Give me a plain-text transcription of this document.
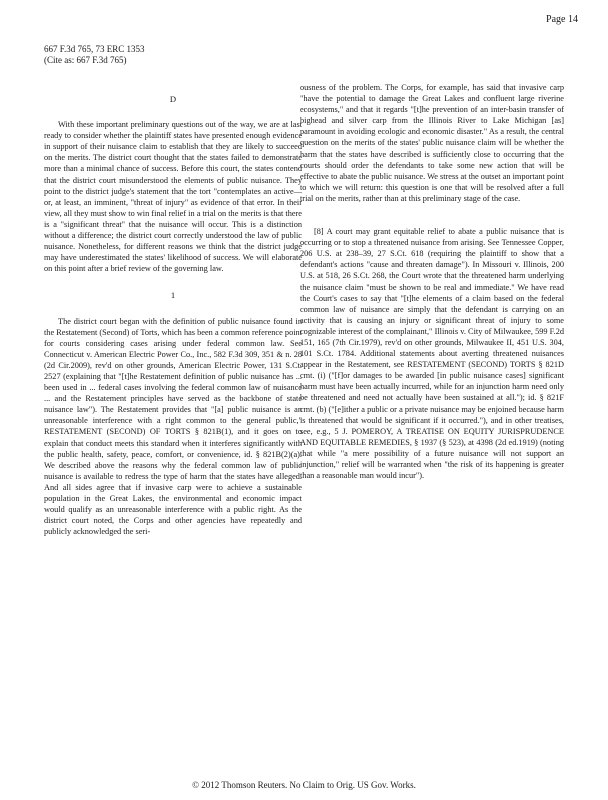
Page 14
667 F.3d 765, 73 ERC 1353
(Cite as: 667 F.3d 765)

D

With these important preliminary questions out of the way, we are at last ready to consider whether the plaintiff states have presented enough evidence in support of their nuisance claim to establish that they are likely to succeed on the merits. The district court thought that the states failed to demonstrate more than a minimal chance of success. Before this court, the states contend that the district court misunderstood the elements of public nuisance. They point to the district judge's statement that the tort "contemplates an active—or, at least, an imminent, "threat of injury" as evidence of that error. In their view, all they must show to win final relief in a trial on the merits is that there is a "significant threat" that the nuisance will occur. This is a distinction without a difference; the district court correctly understood the law of public nuisance. Nonetheless, for different reasons we think that the district judge may have underestimated the states' likelihood of success. We will elaborate on this point after a brief review of the governing law.

1

The district court began with the definition of public nuisance found in the Restatement (Second) of Torts, which has been a common reference point for courts considering cases arising under federal common law. See Connecticut v. American Electric Power Co., Inc., 582 F.3d 309, 351 & n. 28 (2d Cir.2009), rev'd on other grounds, American Electric Power, 131 S.Ct. 2527 (explaining that "[t]he Restatement definition of public nuisance has ... been used in ... federal cases involving the federal common law of nuisance ... and the Restatement principles have served as the backbone of state nuisance law"). The Restatement provides that "[a] public nuisance is an unreasonable interference with a right common to the general public," RESTATEMENT (SECOND) OF TORTS § 821B(1), and it goes on to explain that conduct meets this standard when it interferes significantly with the public health, safety, peace, comfort, or convenience, id. § 821B(2)(a). We described above the reasons why the federal common law of public nuisance is available to redress the type of harm that the states have alleged. And all sides agree that if invasive carp were to achieve a sustainable population in the Great Lakes, the environmental and economic impact would qualify as an unreasonable interference with a public right. As the district court noted, the Corps and other agencies have repeatedly and publicly acknowledged the seri-

ousness of the problem. The Corps, for example, has said that invasive carp "have the potential to damage the Great Lakes and confluent large riverine ecosystems," and that it regards "[t]he prevention of an inter-basin transfer of bighead and silver carp from the Illinois River to Lake Michigan [as] paramount in avoiding ecologic and economic disaster." As a result, the central question on the merits of the states' public nuisance claim will be whether the harm that the states have described is sufficiently close to occurring that the courts should order the defendants to take some new action that will be effective to abate the public nuisance. We stress at the outset an important point to which we will return: this question is one that will be resolved after a full trial on the merits, rather than at this preliminary stage of the case.

[8] A court may grant equitable relief to abate a public nuisance that is occurring or to stop a threatened nuisance from arising. See Tennessee Copper, 206 U.S. at 238–39, 27 S.Ct. 618 (requiring the plaintiff to show that a defendant's actions "cause and threaten damage"). In Missouri v. Illinois, 200 U.S. at 518, 26 S.Ct. 268, the Court wrote that the threatened harm underlying the nuisance claim "must be shown to be real and immediate." We have read the Court's cases to say that "[t]he elements of a claim based on the federal common law of nuisance are simply that the defendant is carrying on an activity that is causing an injury or significant threat of injury to some cognizable interest of the complainant," Illinois v. City of Milwaukee, 599 F.2d 151, 165 (7th Cir.1979), rev'd on other grounds, Milwaukee II, 451 U.S. 304, 101 S.Ct. 1784. Additional statements about averting threatened nuisances appear in the Restatement, see RESTATEMENT (SECOND) TORTS § 821D cmt. (i) ("[f]or damages to be awarded [in public nuisance cases] significant harm must have been actually incurred, while for an injunction harm need only be threatened and need not actually have been sustained at all."); id. § 821F cmt. (b) ("[e]ither a public or a private nuisance may be enjoined because harm is threatened that would be significant if it occurred."), and in other treatises, see, e.g., 5 J. POMEROY, A TREATISE ON EQUITY JURISPRUDENCE AND EQUITABLE REMEDIES, § 1937 (§ 523), at 4398 (2d ed.1919) (noting that while "a mere possibility of a future nuisance will not support an injunction," relief will be warranted when "the risk of its happening is greater than a reasonable man would incur").

© 2012 Thomson Reuters. No Claim to Orig. US Gov. Works.
